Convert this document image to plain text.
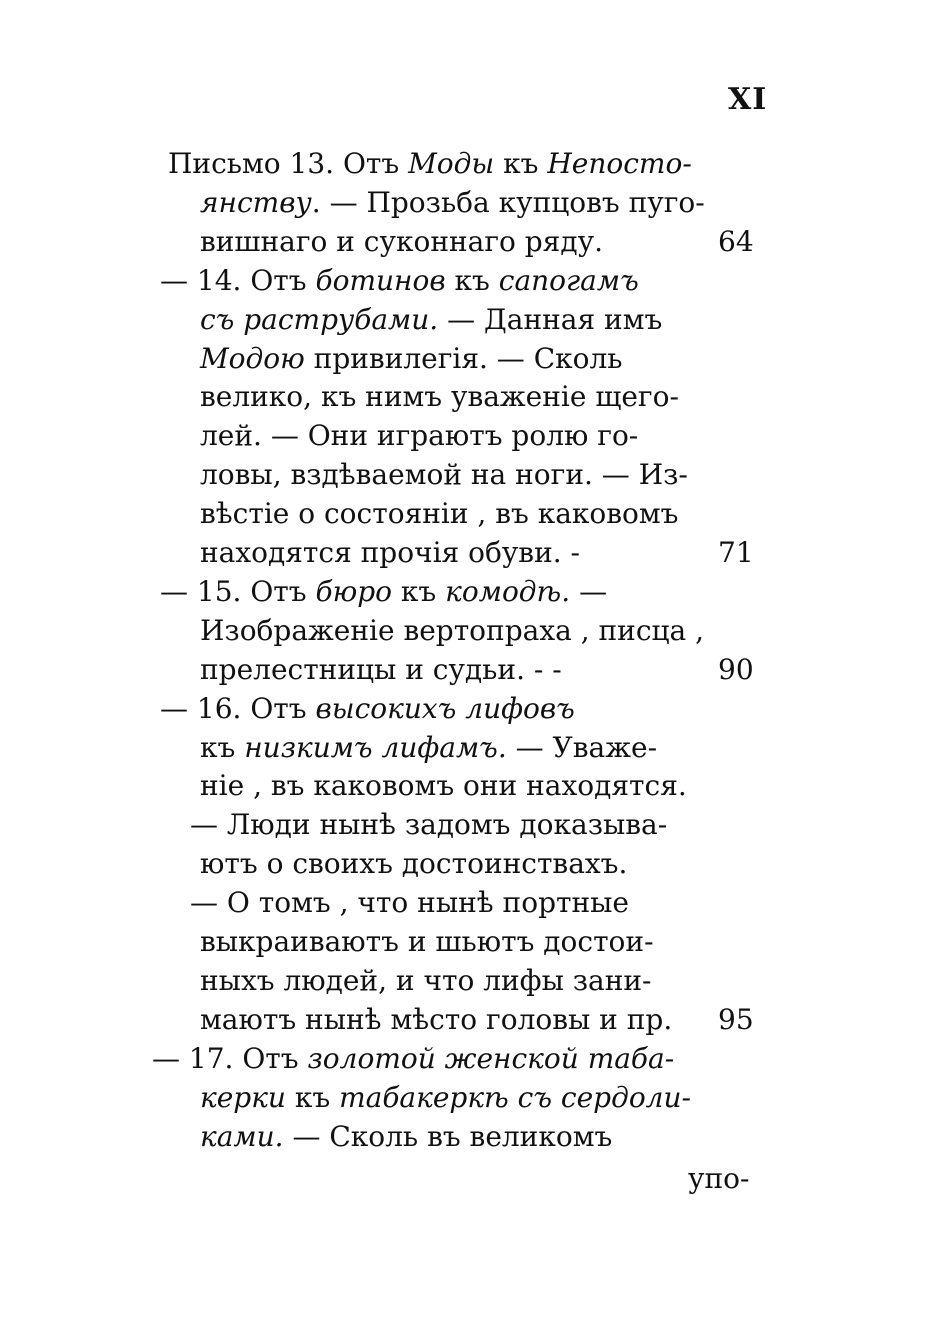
XI
Письмо 13. Отъ Моды къ Непосто-
янству. — Прозьба купцовъ пуго-
вишнаго и суконнаго ряду.	64
— 14. Отъ ботинов къ сапогамъ
съ раструбами. — Данная имъ
Модою привилегія. — Сколь
велико, къ нимъ уваженіе щего-
лей. — Они играютъ ролю го-
ловы, вздѣваемой на ноги. — Из-
вѣстіе о состояніи , въ каковомъ
находятся прочія обуви. -	71
— 15. Отъ бюро къ комодѣ. —
Изображеніе вертопраха , писца ,
прелестницы и судьи. - -	90
— 16. Отъ высокихъ лифовъ
къ низкимъ лифамъ. — Уваже-
ніе , въ каковомъ они находятся.
— Люди нынѣ задомъ доказыва-
ютъ о своихъ достоинствахъ.
— О томъ , что нынѣ портные
выкраиваютъ и шьютъ достои-
ныхъ людей, и что лифы зани-
маютъ нынѣ мѣсто головы и пр. 95
— 17. Отъ золотой женской таба-
керки къ табакеркѣ съ сердоли-
ками. — Сколь въ великомъ
упо-
